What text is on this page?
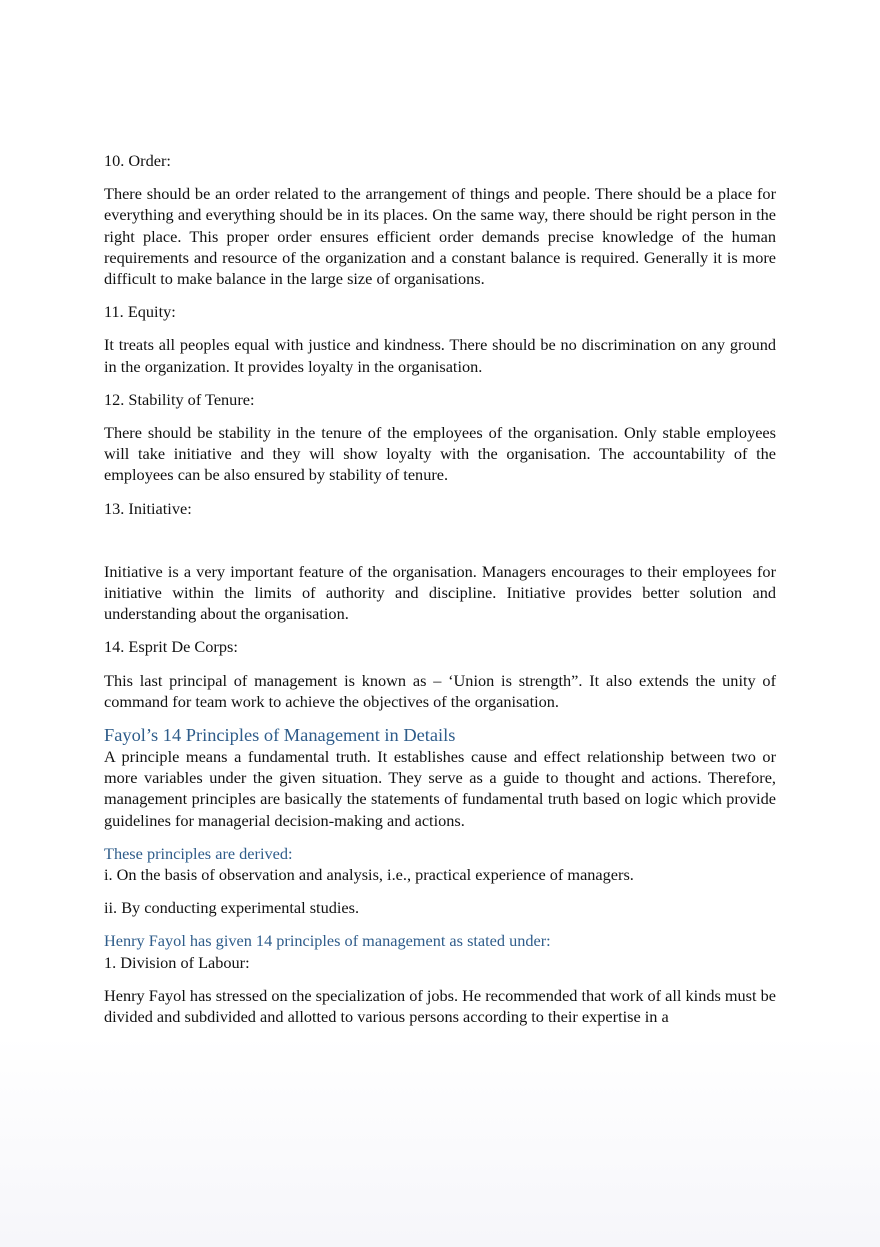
10. Order:

There should be an order related to the arrangement of things and people. There should be a place for everything and everything should be in its places. On the same way, there should be right person in the right place. This proper order ensures efficient order demands precise knowledge of the human requirements and resource of the organization and a constant balance is required. Generally it is more difficult to make balance in the large size of organisations.

11. Equity:

It treats all peoples equal with justice and kindness. There should be no discrimination on any ground in the organization. It provides loyalty in the organisation.

12. Stability of Tenure:

There should be stability in the tenure of the employees of the organisation. Only stable employees will take initiative and they will show loyalty with the organisation. The accountability of the employees can be also ensured by stability of tenure.

13. Initiative:

Initiative is a very important feature of the organisation. Managers encourages to their employees for initiative within the limits of authority and discipline. Initiative provides better solution and understanding about the organisation.

14. Esprit De Corps:

This last principal of management is known as – ‘Union is strength”. It also extends the unity of command for team work to achieve the objectives of the organisation.

Fayol’s 14 Principles of Management in Details

A principle means a fundamental truth. It establishes cause and effect relationship between two or more variables under the given situation. They serve as a guide to thought and actions. Therefore, management principles are basically the statements of fundamental truth based on logic which provide guidelines for managerial decision-making and actions.

These principles are derived:
i. On the basis of observation and analysis, i.e., practical experience of managers.
ii. By conducting experimental studies.
Henry Fayol has given 14 principles of management as stated under:
1. Division of Labour:

Henry Fayol has stressed on the specialization of jobs. He recommended that work of all kinds must be divided and subdivided and allotted to various persons according to their expertise in a
